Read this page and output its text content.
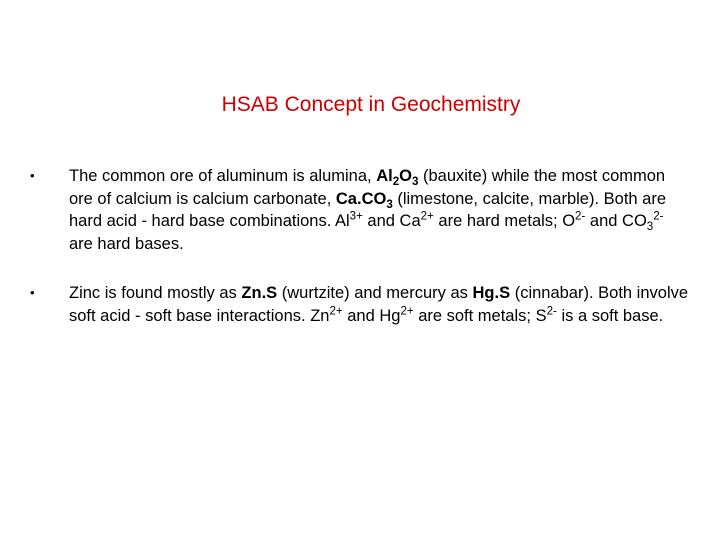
HSAB Concept in Geochemistry
• The common ore of aluminum is alumina, $Al_2O_3$ (bauxite) while the most common ore of calcium is calcium carbonate, $Ca.CO_3$ (limestone, calcite, marble). Both are hard acid - hard base combinations. $Al^{3+}$ and $Ca^{2+}$ are hard metals; $O^{2-}$ and $CO_3^{2-}$ are hard bases.
• Zinc is found mostly as Zn.S (wurtzite) and mercury as Hg.S (cinnabar). Both involve soft acid - soft base interactions. $Zn^{2+}$ and $Hg^{2+}$ are soft metals; $S^{2-}$ is a soft base.
